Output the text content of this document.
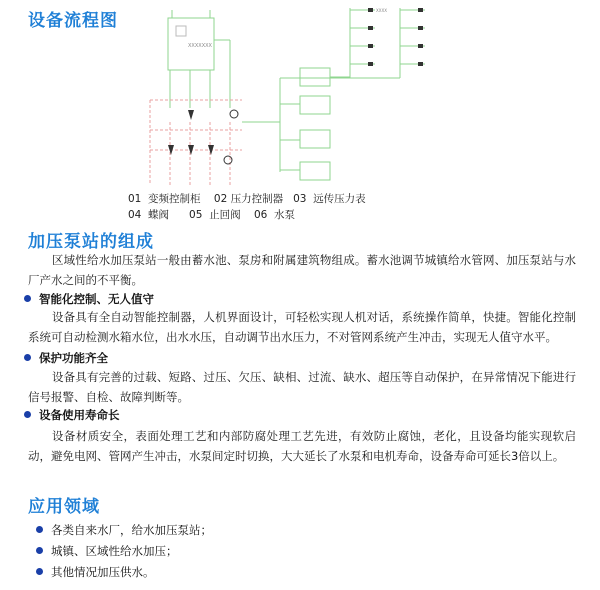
设备流程图
XXXXXXX
XXXX
01  变频控制柜    02 压力控制器   03  远传压力表
04  蝶阀      05  止回阀    06  水泵
加压泵站的组成

区域性给水加压泵站一般由蓄水池、泵房和附属建筑物组成。蓄水池调节城镇给水管网、加压泵站与水厂产水之间的不平衡。

智能化控制、无人值守

设备具有全自动智能控制器，人机界面设计，可轻松实现人机对话，系统操作简单，快捷。智能化控制系统可自动检测水箱水位，出水水压，自动调节出水压力，不对管网系统产生冲击，实现无人值守水平。

保护功能齐全

设备具有完善的过载、短路、过压、欠压、缺相、过流、缺水、超压等自动保护，在异常情况下能进行信号报警、自检、故障判断等。

设备使用寿命长

设备材质安全，表面处理工艺和内部防腐处理工艺先进，有效防止腐蚀，老化，且设备均能实现软启动，避免电网、管网产生冲击，水泵间定时切换，大大延长了水泵和电机寿命，设备寿命可延长3倍以上。

应用领域
各类自来水厂，给水加压泵站；
城镇、区域性给水加压；
其他情况加压供水。
